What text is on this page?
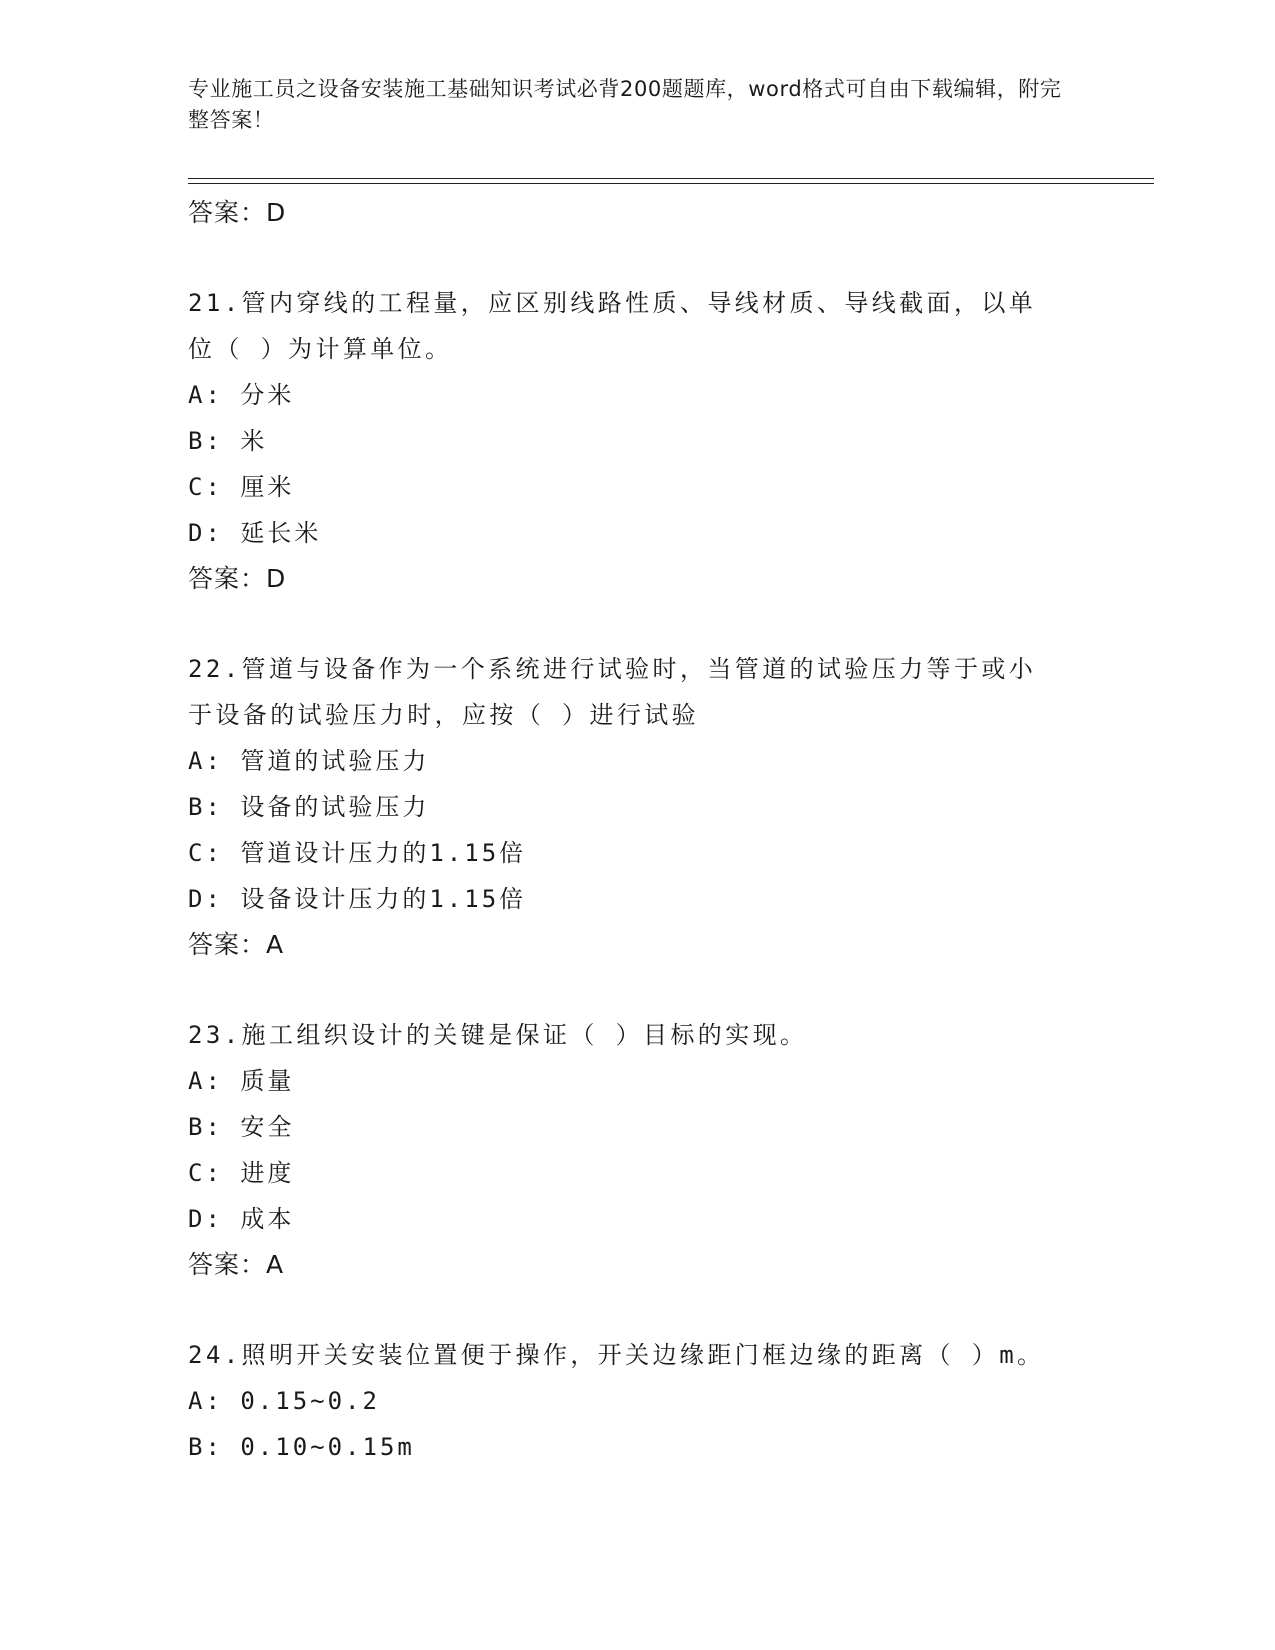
专业施工员之设备安装施工基础知识考试必背200题题库，word格式可自由下载编辑，附完整答案！
答案：D
21.管内穿线的工程量，应区别线路性质、导线材质、导线截面，以单
位（ ）为计算单位。
A: 分米
B: 米
C: 厘米
D: 延长米
答案：D
22.管道与设备作为一个系统进行试验时，当管道的试验压力等于或小
于设备的试验压力时，应按（ ）进行试验
A: 管道的试验压力
B: 设备的试验压力
C: 管道设计压力的1.15倍
D: 设备设计压力的1.15倍
答案：A
23.施工组织设计的关键是保证（ ）目标的实现。
A: 质量
B: 安全
C: 进度
D: 成本
答案：A
24.照明开关安装位置便于操作，开关边缘距门框边缘的距离（ ）m。
A: 0.15~0.2
B: 0.10~0.15m
